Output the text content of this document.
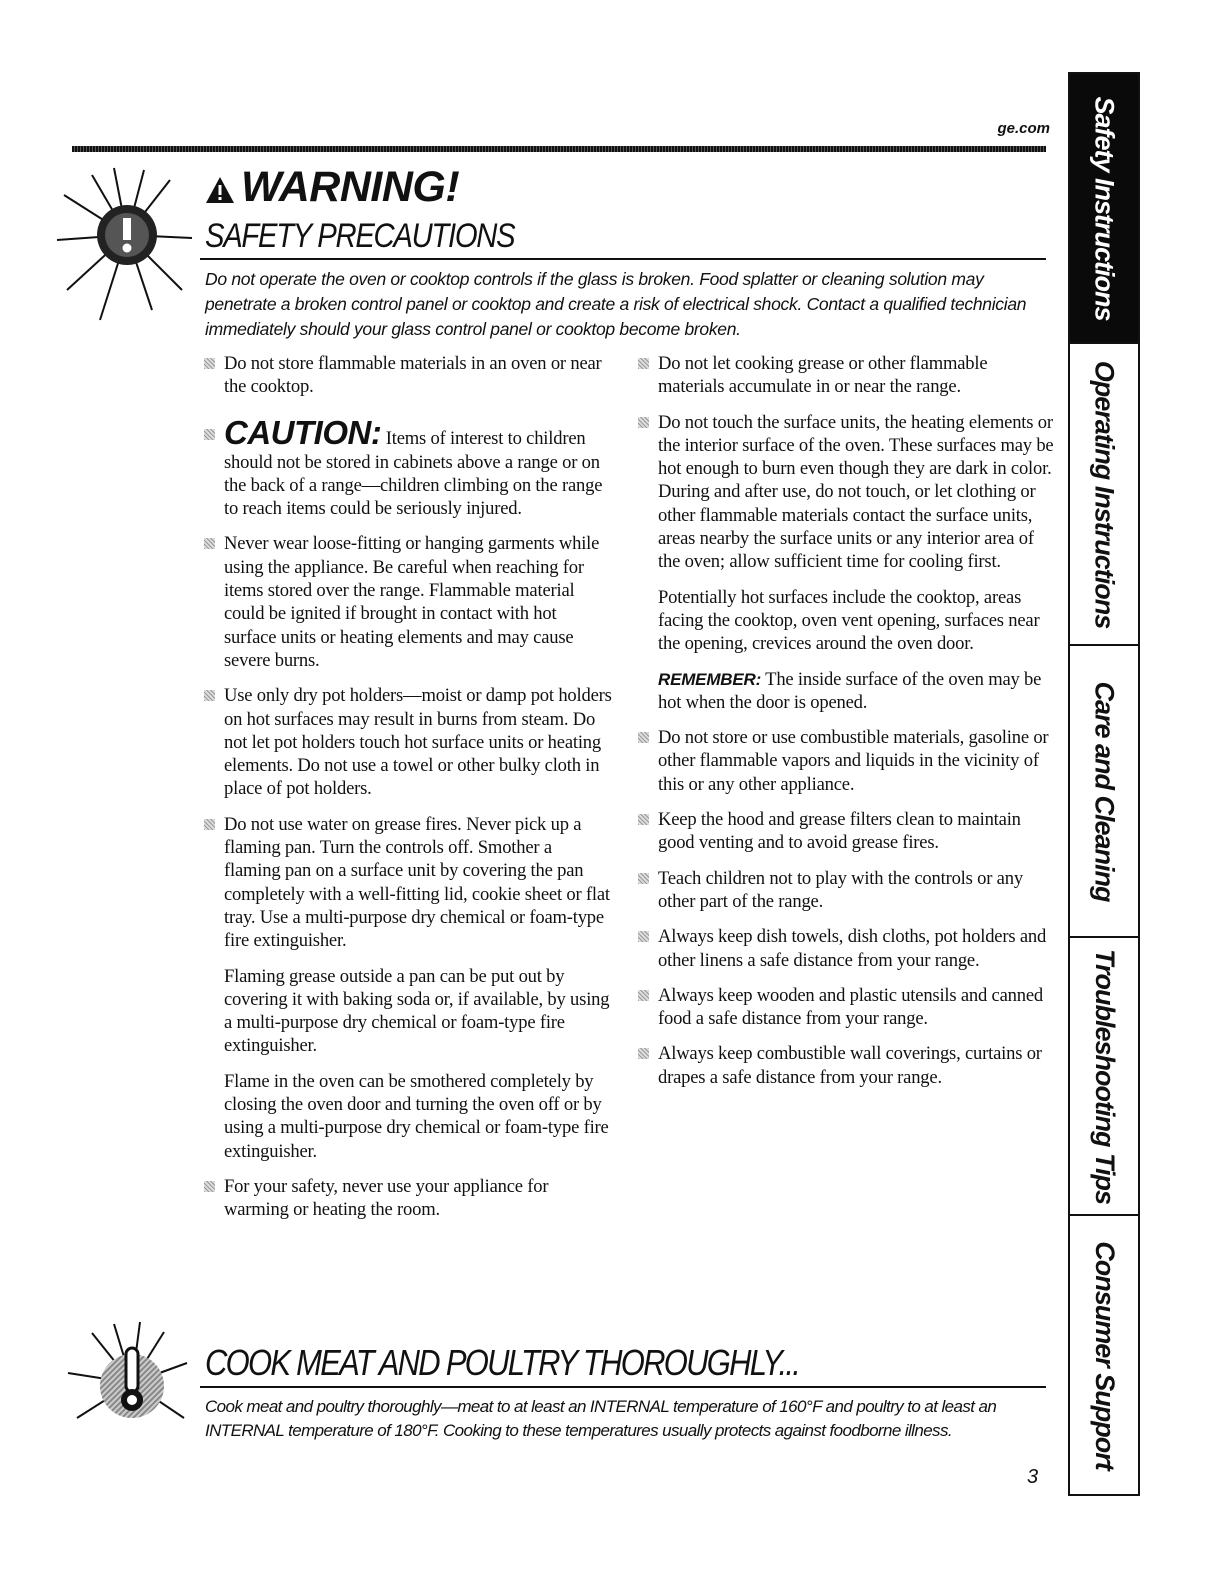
ge.com
WARNING!
SAFETY PRECAUTIONS
Do not operate the oven or cooktop controls if the glass is broken. Food splatter or cleaning solution may penetrate a broken control panel or cooktop and create a risk of electrical shock. Contact a qualified technician immediately should your glass control panel or cooktop become broken.
Do not store flammable materials in an oven or near the cooktop.
CAUTION: Items of interest to children should not be stored in cabinets above a range or on the back of a range—children climbing on the range to reach items could be seriously injured.
Never wear loose-fitting or hanging garments while using the appliance. Be careful when reaching for items stored over the range. Flammable material could be ignited if brought in contact with hot surface units or heating elements and may cause severe burns.
Use only dry pot holders—moist or damp pot holders on hot surfaces may result in burns from steam. Do not let pot holders touch hot surface units or heating elements. Do not use a towel or other bulky cloth in place of pot holders.
Do not use water on grease fires. Never pick up a flaming pan. Turn the controls off. Smother a flaming pan on a surface unit by covering the pan completely with a well-fitting lid, cookie sheet or flat tray. Use a multi-purpose dry chemical or foam-type fire extinguisher.
Flaming grease outside a pan can be put out by covering it with baking soda or, if available, by using a multi-purpose dry chemical or foam-type fire extinguisher.
Flame in the oven can be smothered completely by closing the oven door and turning the oven off or by using a multi-purpose dry chemical or foam-type fire extinguisher.
For your safety, never use your appliance for warming or heating the room.
Do not let cooking grease or other flammable materials accumulate in or near the range.
Do not touch the surface units, the heating elements or the interior surface of the oven. These surfaces may be hot enough to burn even though they are dark in color. During and after use, do not touch, or let clothing or other flammable materials contact the surface units, areas nearby the surface units or any interior area of the oven; allow sufficient time for cooling first.
Potentially hot surfaces include the cooktop, areas facing the cooktop, oven vent opening, surfaces near the opening, crevices around the oven door.
REMEMBER: The inside surface of the oven may be hot when the door is opened.
Do not store or use combustible materials, gasoline or other flammable vapors and liquids in the vicinity of this or any other appliance.
Keep the hood and grease filters clean to maintain good venting and to avoid grease fires.
Teach children not to play with the controls or any other part of the range.
Always keep dish towels, dish cloths, pot holders and other linens a safe distance from your range.
Always keep wooden and plastic utensils and canned food a safe distance from your range.
Always keep combustible wall coverings, curtains or drapes a safe distance from your range.
COOK MEAT AND POULTRY THOROUGHLY...
Cook meat and poultry thoroughly—meat to at least an INTERNAL temperature of 160°F and poultry to at least an INTERNAL temperature of 180°F. Cooking to these temperatures usually protects against foodborne illness.
3
Safety Instructions
Operating Instructions
Care and Cleaning
Troubleshooting Tips
Consumer Support
